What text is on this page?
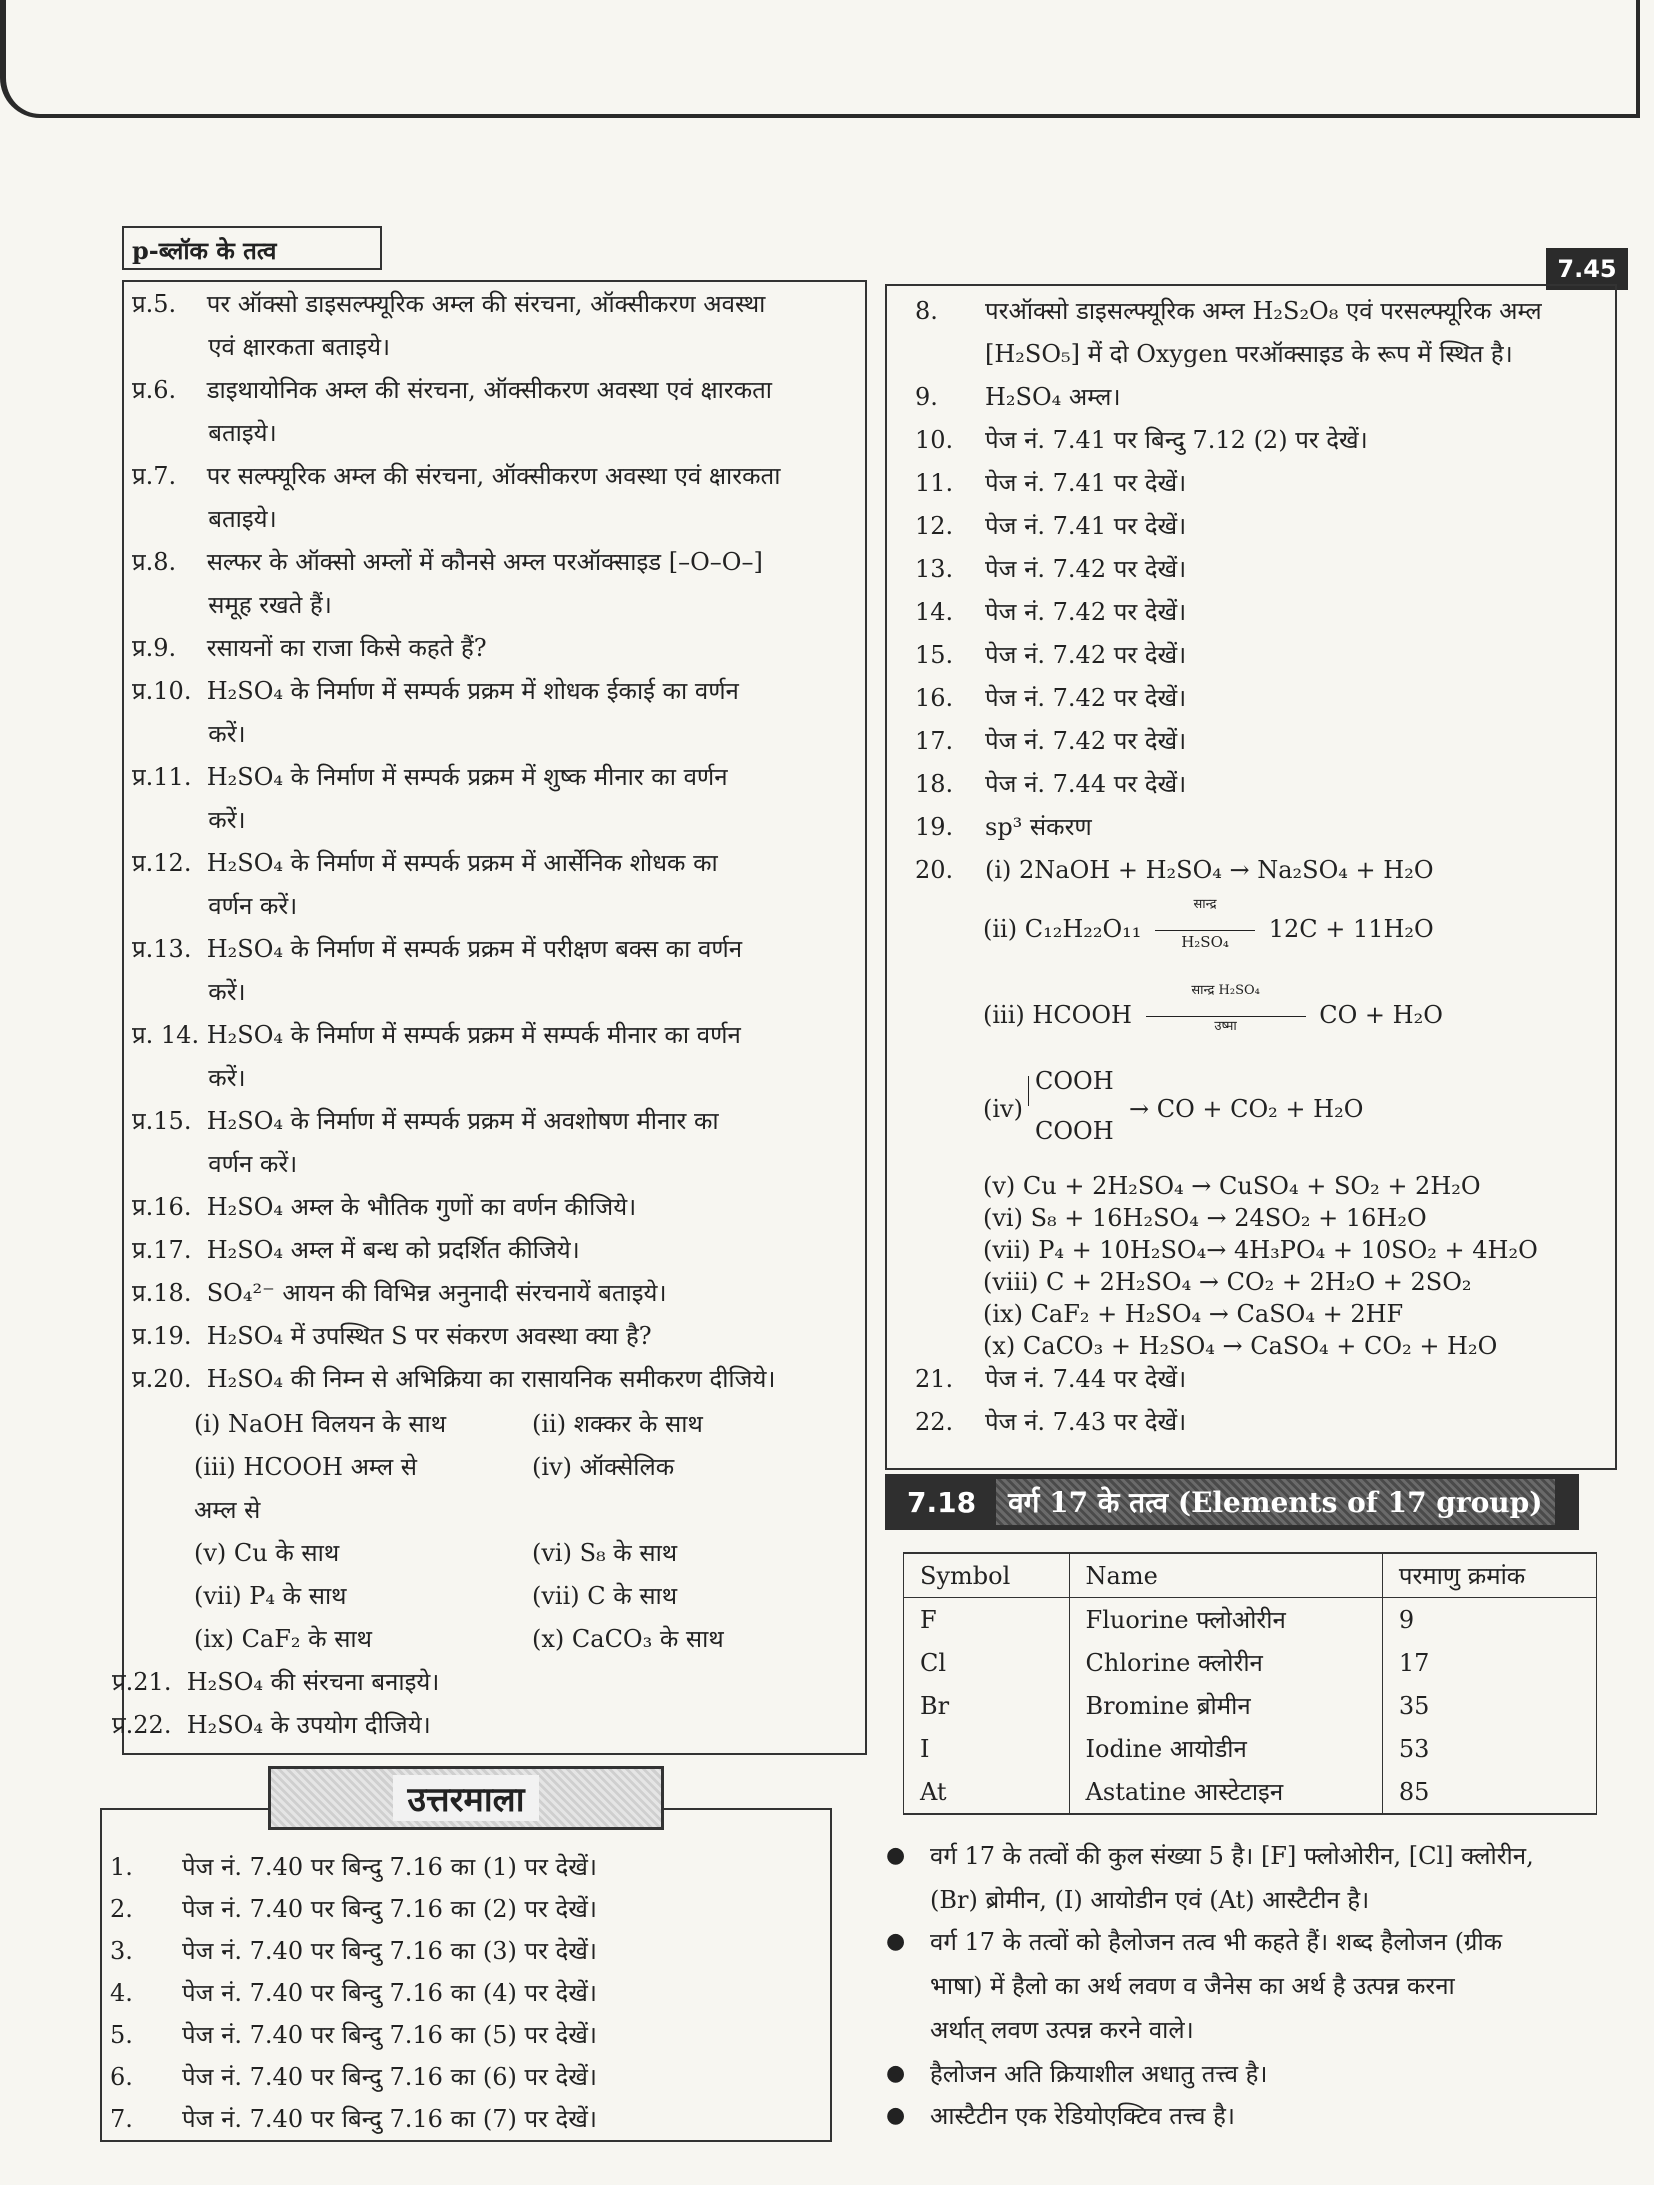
p-ब्लॉक के तत्व
7.45
प्र.5.    पर ऑक्सो डाइसल्फ्यूरिक अम्ल की संरचना, ऑक्सीकरण अवस्था
एवं क्षारकता बताइये।
प्र.6.    डाइथायोनिक अम्ल की संरचना, ऑक्सीकरण अवस्था एवं क्षारकता
बताइये।
प्र.7.    पर सल्फ्यूरिक अम्ल की संरचना, ऑक्सीकरण अवस्था एवं क्षारकता
बताइये।
प्र.8.    सल्फर के ऑक्सो अम्लों में कौनसे अम्ल परऑक्साइड [–O–O–]
समूह रखते हैं।
प्र.9.    रसायनों का राजा किसे कहते हैं?
प्र.10.  H₂SO₄ के निर्माण में सम्पर्क प्रक्रम में शोधक ईकाई का वर्णन
करें।
प्र.11.  H₂SO₄ के निर्माण में सम्पर्क प्रक्रम में शुष्क मीनार का वर्णन
करें।
प्र.12.  H₂SO₄ के निर्माण में सम्पर्क प्रक्रम में आर्सेनिक शोधक का
वर्णन करें।
प्र.13.  H₂SO₄ के निर्माण में सम्पर्क प्रक्रम में परीक्षण बक्स का वर्णन
करें।
प्र. 14. H₂SO₄ के निर्माण में सम्पर्क प्रक्रम में सम्पर्क मीनार का वर्णन
करें।
प्र.15.  H₂SO₄ के निर्माण में सम्पर्क प्रक्रम में अवशोषण मीनार का
वर्णन करें।
प्र.16.  H₂SO₄ अम्ल के भौतिक गुणों का वर्णन कीजिये।
प्र.17.  H₂SO₄ अम्ल में बन्ध को प्रदर्शित कीजिये।
प्र.18.  SO₄²⁻ आयन की विभिन्न अनुनादी संरचनायें बताइये।
प्र.19.  H₂SO₄ में उपस्थित S पर संकरण अवस्था क्या है?
प्र.20.  H₂SO₄ की निम्न से अभिक्रिया का रासायनिक समीकरण दीजिये।
(i) NaOH विलयन के साथ	(ii) शक्कर के साथ
(iii) HCOOH अम्ल से	(iv) ऑक्सेलिक
अम्ल से
(v) Cu के साथ	(vi) S₈ के साथ
(vii) P₄ के साथ	(vii) C के साथ
(ix) CaF₂ के साथ	(x) CaCO₃ के साथ
प्र.21.  H₂SO₄ की संरचना बनाइये।
प्र.22.  H₂SO₄ के उपयोग दीजिये।
8. परऑक्सो डाइसल्फ्यूरिक अम्ल H₂S₂O₈ एवं परसल्फ्यूरिक अम्ल
[H₂SO₅] में दो Oxygen परऑक्साइड के रूप में स्थित है।
9. H₂SO₄ अम्ल।
10. पेज नं. 7.41 पर बिन्दु 7.12 (2) पर देखें।
11. पेज नं. 7.41 पर देखें।
12. पेज नं. 7.41 पर देखें।
13. पेज नं. 7.42 पर देखें।
14. पेज नं. 7.42 पर देखें।
15. पेज नं. 7.42 पर देखें।
16. पेज नं. 7.42 पर देखें।
17. पेज नं. 7.42 पर देखें।
18. पेज नं. 7.44 पर देखें।
19. sp³ संकरण
20. (i) 2NaOH + H₂SO₄ → Na₂SO₄ + H₂O
(ii) $C_{12}H_{22}O_{11} \frac{\text{सान्द्र}}{\text{H₂SO₄}} 12C + 11H_2O$
(iii) HCOOH $\frac{\text{सान्द्र H₂SO₄}}{\text{उष्मा}}$ CO + H₂O
COOH
(iv)	→ CO + CO₂ + H₂O
COOH
(v) Cu + 2H₂SO₄ → CuSO₄ + SO₂ + 2H₂O
(vi) S₈ + 16H₂SO₄ → 24SO₂ + 16H₂O
(vii) P₄ + 10H₂SO₄→ 4H₃PO₄ + 10SO₂ + 4H₂O
(viii) C + 2H₂SO₄ → CO₂ + 2H₂O + 2SO₂
(ix) CaF₂ + H₂SO₄ → CaSO₄ + 2HF
(x) CaCO₃ + H₂SO₄ → CaSO₄ + CO₂ + H₂O
21. पेज नं. 7.44 पर देखें।
22. पेज नं. 7.43 पर देखें।
1. पेज नं. 7.40 पर बिन्दु 7.16 का (1) पर देखें।
2. पेज नं. 7.40 पर बिन्दु 7.16 का (2) पर देखें।
3. पेज नं. 7.40 पर बिन्दु 7.16 का (3) पर देखें।
4. पेज नं. 7.40 पर बिन्दु 7.16 का (4) पर देखें।
5. पेज नं. 7.40 पर बिन्दु 7.16 का (5) पर देखें।
6. पेज नं. 7.40 पर बिन्दु 7.16 का (6) पर देखें।
7. पेज नं. 7.40 पर बिन्दु 7.16 का (7) पर देखें।
उत्तरमाला
7.18	वर्ग 17 के तत्व (Elements of 17 group)
Symbol	Name	परमाणु क्रमांक
F	Fluorine फ्लोओरीन	9
Cl	Chlorine क्लोरीन	17
Br	Bromine ब्रोमीन	35
I	Iodine आयोडीन	53
At	Astatine आस्टेटाइन	85
● वर्ग 17 के तत्वों की कुल संख्या 5 है। [F] फ्लोओरीन, [Cl] क्लोरीन,
(Br) ब्रोमीन, (I) आयोडीन एवं (At) आस्टैटीन है।
● वर्ग 17 के तत्वों को हैलोजन तत्व भी कहते हैं। शब्द हैलोजन (ग्रीक
भाषा) में हैलो का अर्थ लवण व जैनेस का अर्थ है उत्पन्न करना
अर्थात् लवण उत्पन्न करने वाले।
● हैलोजन अति क्रियाशील अधातु तत्त्व है।
● आस्टैटीन एक रेडियोएक्टिव तत्त्व है।
